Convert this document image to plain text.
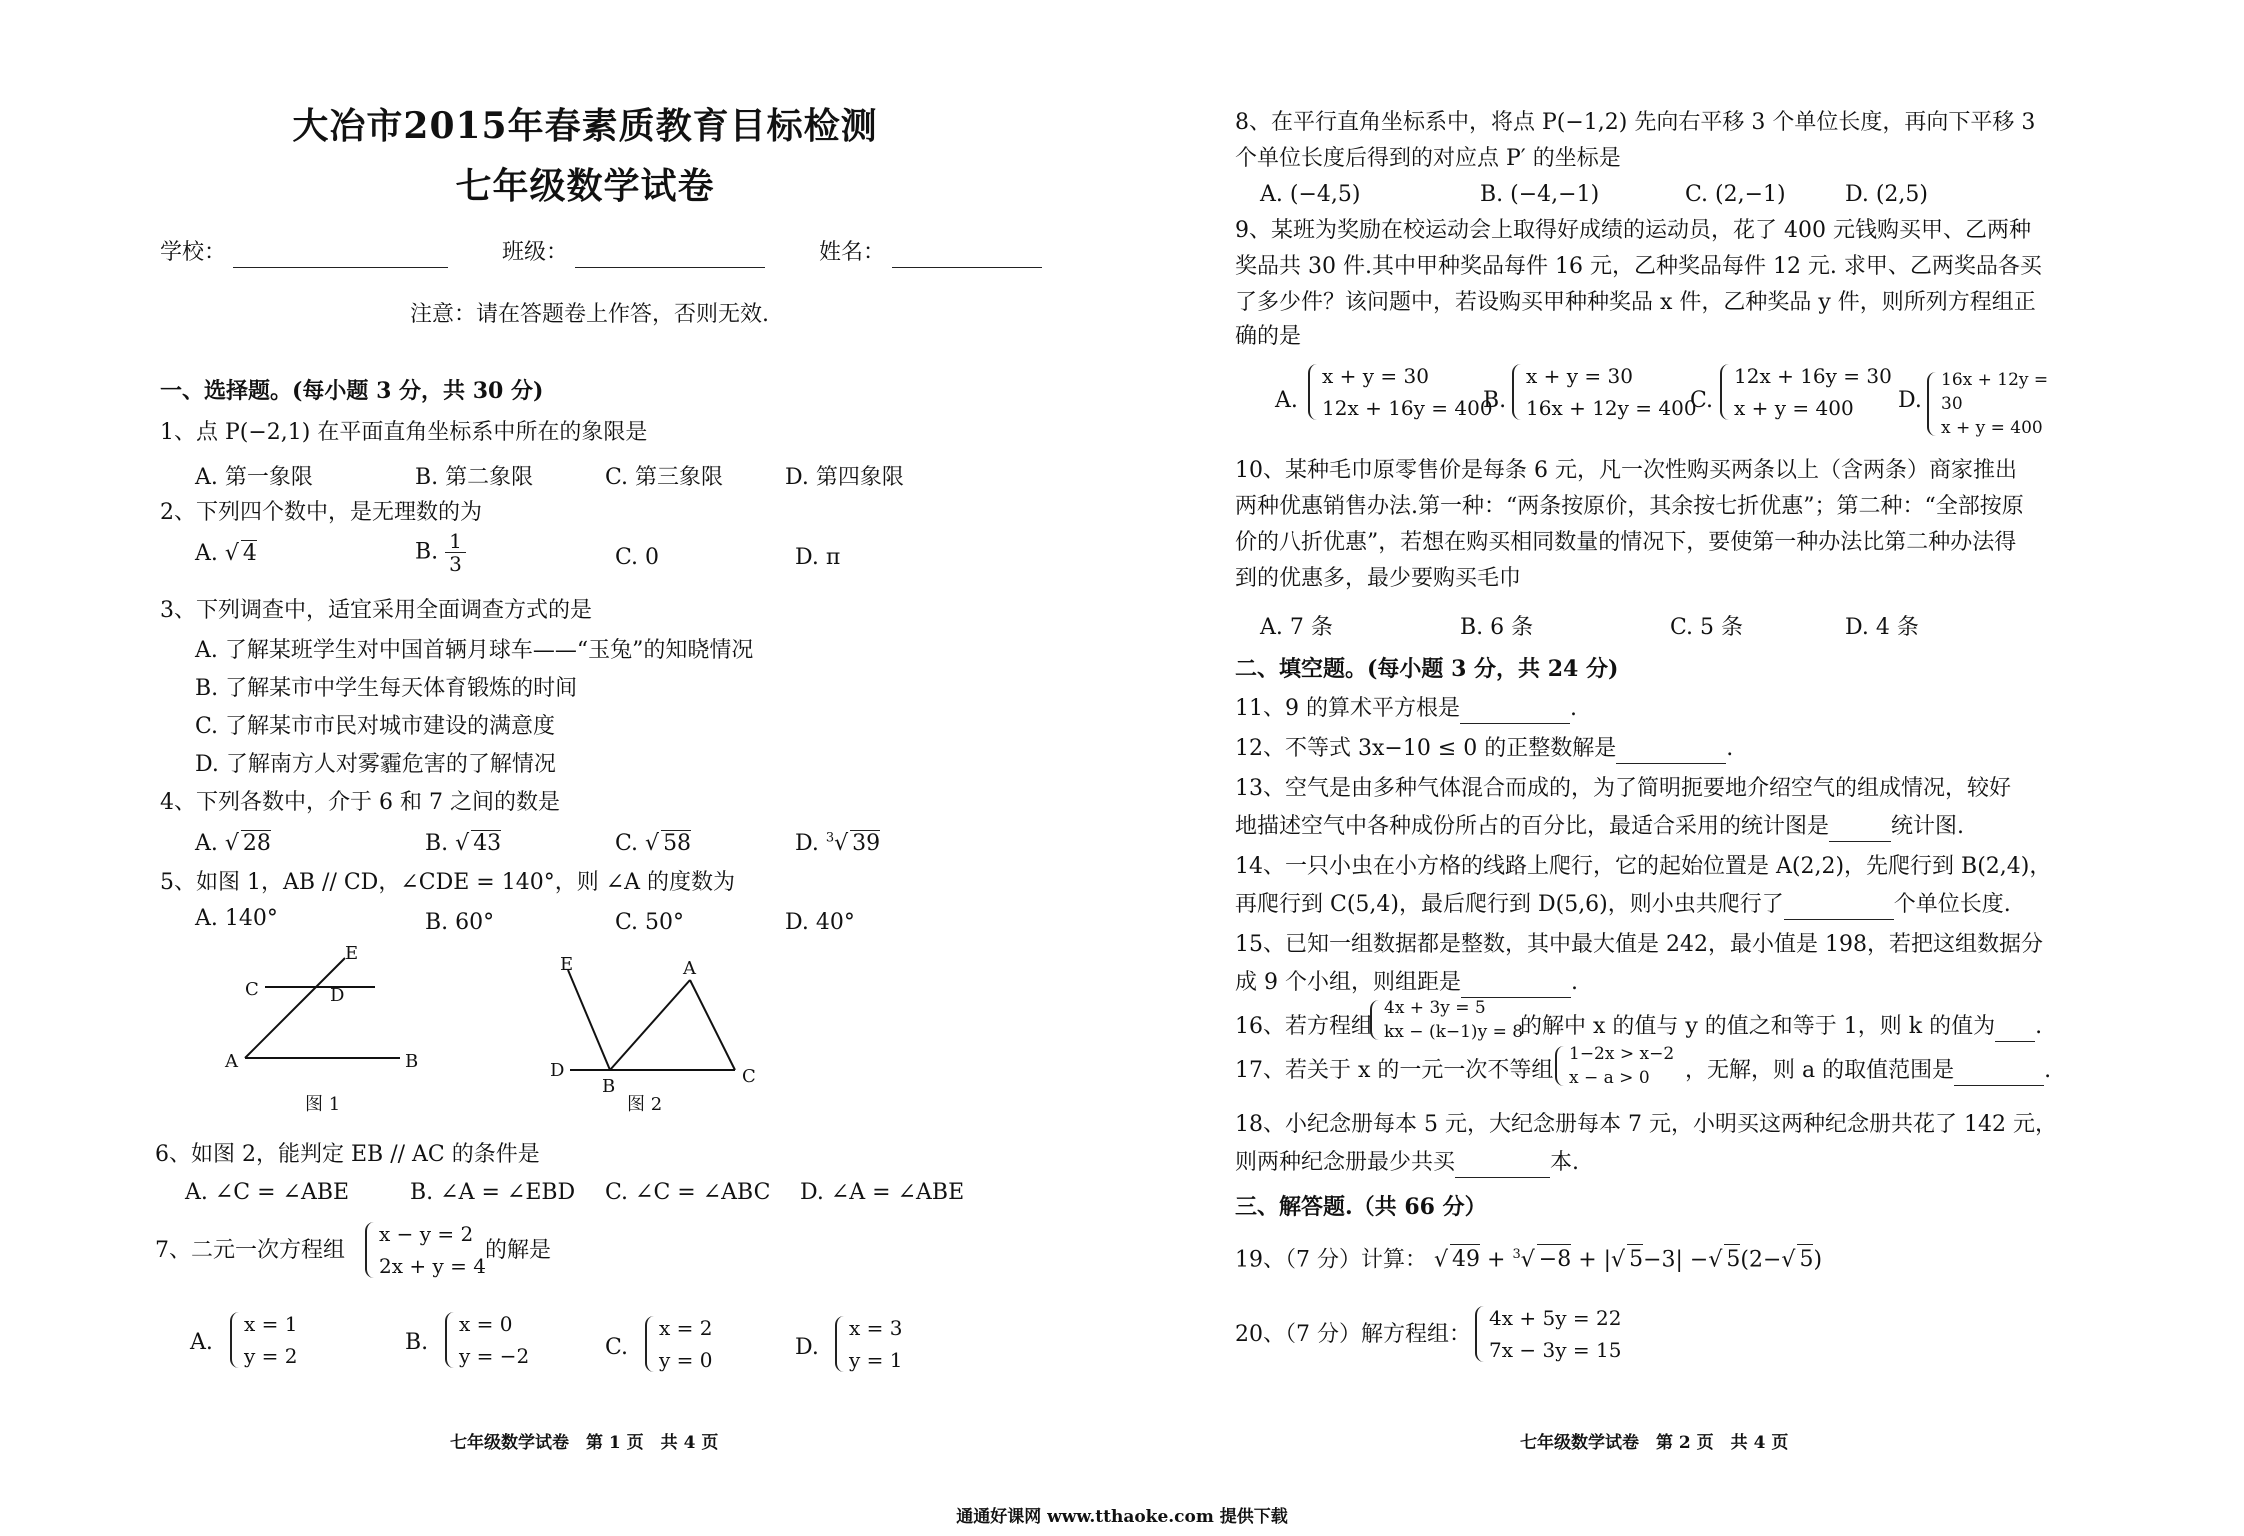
大冶市2015年春素质教育目标检测
七年级数学试卷
学校：	班级：	姓名：
注意：请在答题卷上作答，否则无效.
一、选择题。(每小题 3 分，共 30 分)
1、点 P(−2,1) 在平面直角坐标系中所在的象限是
A. 第一象限	B. 第二象限	C. 第三象限	D. 第四象限
2、下列四个数中，是无理数的为
A. √ 4	B. $\frac{1}{3}$	C. 0	D. π
3、下列调查中，适宜采用全面调查方式的是
A. 了解某班学生对中国首辆月球车——“玉兔”的知晓情况
B. 了解某市中学生每天体育锻炼的时间
C. 了解某市市民对城市建设的满意度
D. 了解南方人对雾霾危害的了解情况
4、下列各数中，介于 6 和 7 之间的数是
A. √ 28	B. √ 43	C. √ 58	D. $^3$√ 39
5、如图 1，AB // CD，∠CDE = 140°，则 ∠A 的度数为
A. 140°	B. 60°	C. 50°	D. 40°
E
C	D
A	B
图 1
E	A
D
B	C
图 2
6、如图 2，能判定 EB // AC 的条件是
A. ∠C = ∠ABE	B. ∠A = ∠EBD C. ∠C = ∠ABC D. ∠A = ∠ABE
7、二元一次方程组
x − y = 2
2x + y = 4
的解是
A.
x = 1
y = 2
B.
x = 0
y = −2	C.
x = 2
y = 0	D.
x = 3
y = 1
七年级数学试卷　第 1 页　共 4 页
8、在平行直角坐标系中，将点 P(−1,2) 先向右平移 3 个单位长度，再向下平移 3
个单位长度后得到的对应点 P′ 的坐标是
A. (−4,5)	B. (−4,−1)	C. (2,−1)	D. (2,5)
9、某班为奖励在校运动会上取得好成绩的运动员，花了 400 元钱购买甲、乙两种
奖品共 30 件.其中甲种奖品每件 16 元，乙种奖品每件 12 元. 求甲、乙两奖品各买
了多少件？该问题中，若设购买甲种种奖品 x 件，乙种奖品 y 件，则所列方程组正
确的是
A.
x + y = 30
12x + 16y = 400
B.
x + y = 30
16x + 12y = 400
C.
12x + 16y = 30
x + y = 400	D.
16x + 12y = 30
x + y = 400
10、某种毛巾原零售价是每条 6 元，凡一次性购买两条以上（含两条）商家推出
两种优惠销售办法.第一种：“两条按原价，其余按七折优惠”；第二种：“全部按原
价的八折优惠”，若想在购买相同数量的情况下，要使第一种办法比第二种办法得
到的优惠多，最少要购买毛巾
A. 7 条	B. 6 条	C. 5 条	D. 4 条
二、填空题。(每小题 3 分，共 24 分)
11、9 的算术平方根是	.
12、不等式 3x−10 ≤ 0 的正整数解是	.
13、空气是由多种气体混合而成的，为了简明扼要地介绍空气的组成情况，较好
地描述空气中各种成份所占的百分比，最适合采用的统计图是	统计图.
14、一只小虫在小方格的线路上爬行，它的起始位置是 A(2,2)，先爬行到 B(2,4)，
再爬行到 C(5,4)，最后爬行到 D(5,6)，则小虫共爬行了	个单位长度.
15、已知一组数据都是整数，其中最大值是 242，最小值是 198，若把这组数据分
成 9 个小组，则组距是	.
16、若方程组
4x + 3y = 5
kx − (k−1)y = 8
的解中 x 的值与 y 的值之和等于 1，则 k 的值为 .
17、若关于 x 的一元一次不等组
1−2x > x−2
x − a > 0	，无解，则 a 的取值范围是	.
18、小纪念册每本 5 元，大纪念册每本 7 元，小明买这两种纪念册共花了 142 元，
则两种纪念册最少共买	本.
三、解答题.（共 66 分）
19、（7 分）计算： √ 49 + $^3$√ −8 + |√ 5−3| −√ 5(2−√ 5)
20、（7 分）解方程组：
4x + 5y = 22
7x − 3y = 15
七年级数学试卷　第 2 页　共 4 页
通通好课网 www.tthaoke.com 提供下载
